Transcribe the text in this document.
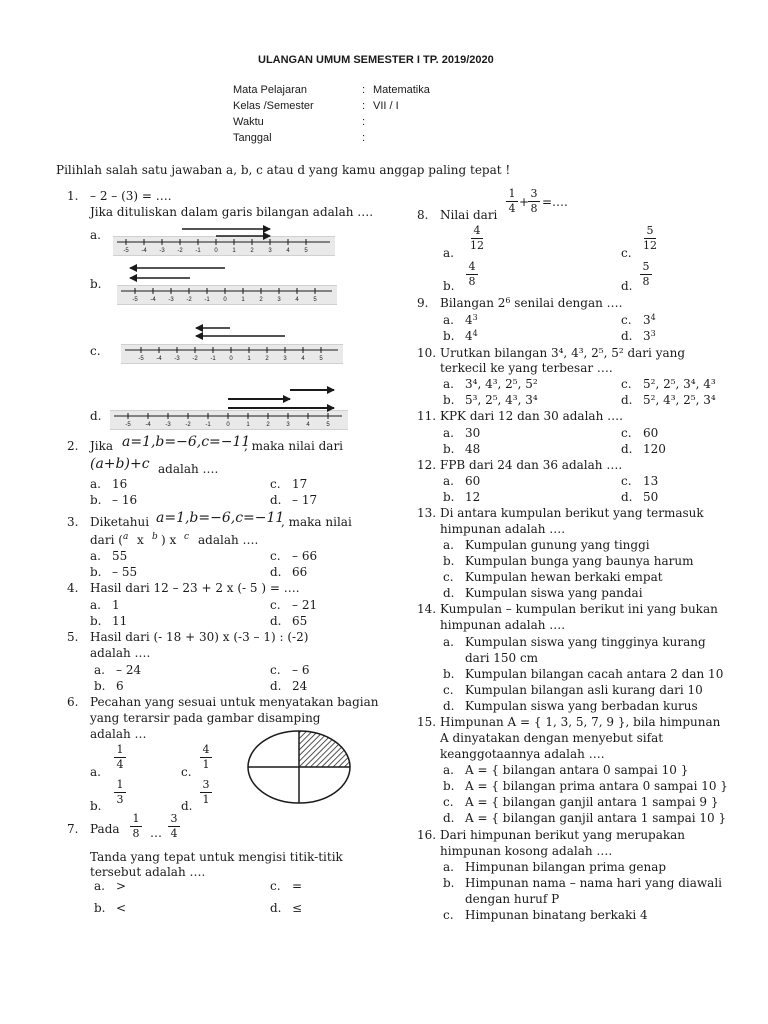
ULANGAN UMUM SEMESTER I TP. 2019/2020
Mata Pelajaran	: Matematika
Kelas /Semester	: VII / I
Waktu	:
Tanggal	:
Pilihlah salah satu jawaban a, b, c atau d yang kamu anggap paling tepat !
1. – 2 – (3) = ….
Jika dituliskan dalam garis bilangan adalah ….
a.
b.
c.
d.
-5 -4 -3 -2 -1 0 1 2 3 4 5
-5 -4 -3 -2 -1 0 1 2 3 4 5
-5 -4 -3 -2 -1 0 1 2 3 4 5
-5 -4 -3 -2 -1	0	1	2	3	4	5
2. Jika a=1,b=−6,c=−11
, maka nilai dari
(a+b)+c adalah ….
a. 16	c. 17
b. – 16	d. – 17
3. Diketahui a=1,b=−6,c=−11
, maka nilai
dari ( a x b ) x c adalah ….
a. 55	c. – 66
b. – 55	d. 66
4. Hasil dari 12 – 23 + 2 x (- 5 ) = ….
a. 1	c. – 21
b. 11	d. 65
5. Hasil dari (- 18 + 30) x (-3 – 1) : (-2)
adalah ….
a. – 24	c. – 6
b. 6	d. 24
6. Pecahan yang sesuai untuk menyatakan bagian
yang terarsir pada gambar disamping
adalah …
a.
1
4
c.
4
1
b.
1
3	d.
3
1
7. Pada
1
8 …
3
4
Tanda yang tepat untuk mengisi titik-titik
tersebut adalah ….
a. >	c. =
b. <	d. ≤
8. Nilai dari
1
4 +
3
8 =….
a.
4
12
c.
5
12
b.
4
8	d.
5
8
9. Bilangan $2^6$ senilai dengan ….
a. $4^3$	c. $3^4$
b. $4^4$	d. $3^3$
10. Urutkan bilangan 3⁴, 4³, 2⁵, 5² dari yang
terkecil ke yang terbesar ….
a. 3⁴, 4³, 2⁵, 5²	c. 5², 2⁵, 3⁴, 4³
b. 5³, 2⁵, 4³, 3⁴	d. 5², 4³, 2⁵, 3⁴
11. KPK dari 12 dan 30 adalah ….
a. 30	c. 60
b. 48	d. 120
12. FPB dari 24 dan 36 adalah ….
a. 60	c. 13
b. 12	d. 50
13. Di antara kumpulan berikut yang termasuk
himpunan adalah ….
a. Kumpulan gunung yang tinggi
b. Kumpulan bunga yang baunya harum
c. Kumpulan hewan berkaki empat
d. Kumpulan siswa yang pandai
14. Kumpulan – kumpulan berikut ini yang bukan
himpunan adalah ….
a. Kumpulan siswa yang tingginya kurang
dari 150 cm
b. Kumpulan bilangan cacah antara 2 dan 10
c. Kumpulan bilangan asli kurang dari 10
d. Kumpulan siswa yang berbadan kurus
15. Himpunan A = { 1, 3, 5, 7, 9 }, bila himpunan
A dinyatakan dengan menyebut sifat
keanggotaannya adalah ….
a. A = { bilangan antara 0 sampai 10 }
b. A = { bilangan prima antara 0 sampai 10 }
c. A = { bilangan ganjil antara 1 sampai 9 }
d. A = { bilangan ganjil antara 1 sampai 10 }
16. Dari himpunan berikut yang merupakan
himpunan kosong adalah ….
a. Himpunan bilangan prima genap
b. Himpunan nama – nama hari yang diawali
dengan huruf P
c. Himpunan binatang berkaki 4
